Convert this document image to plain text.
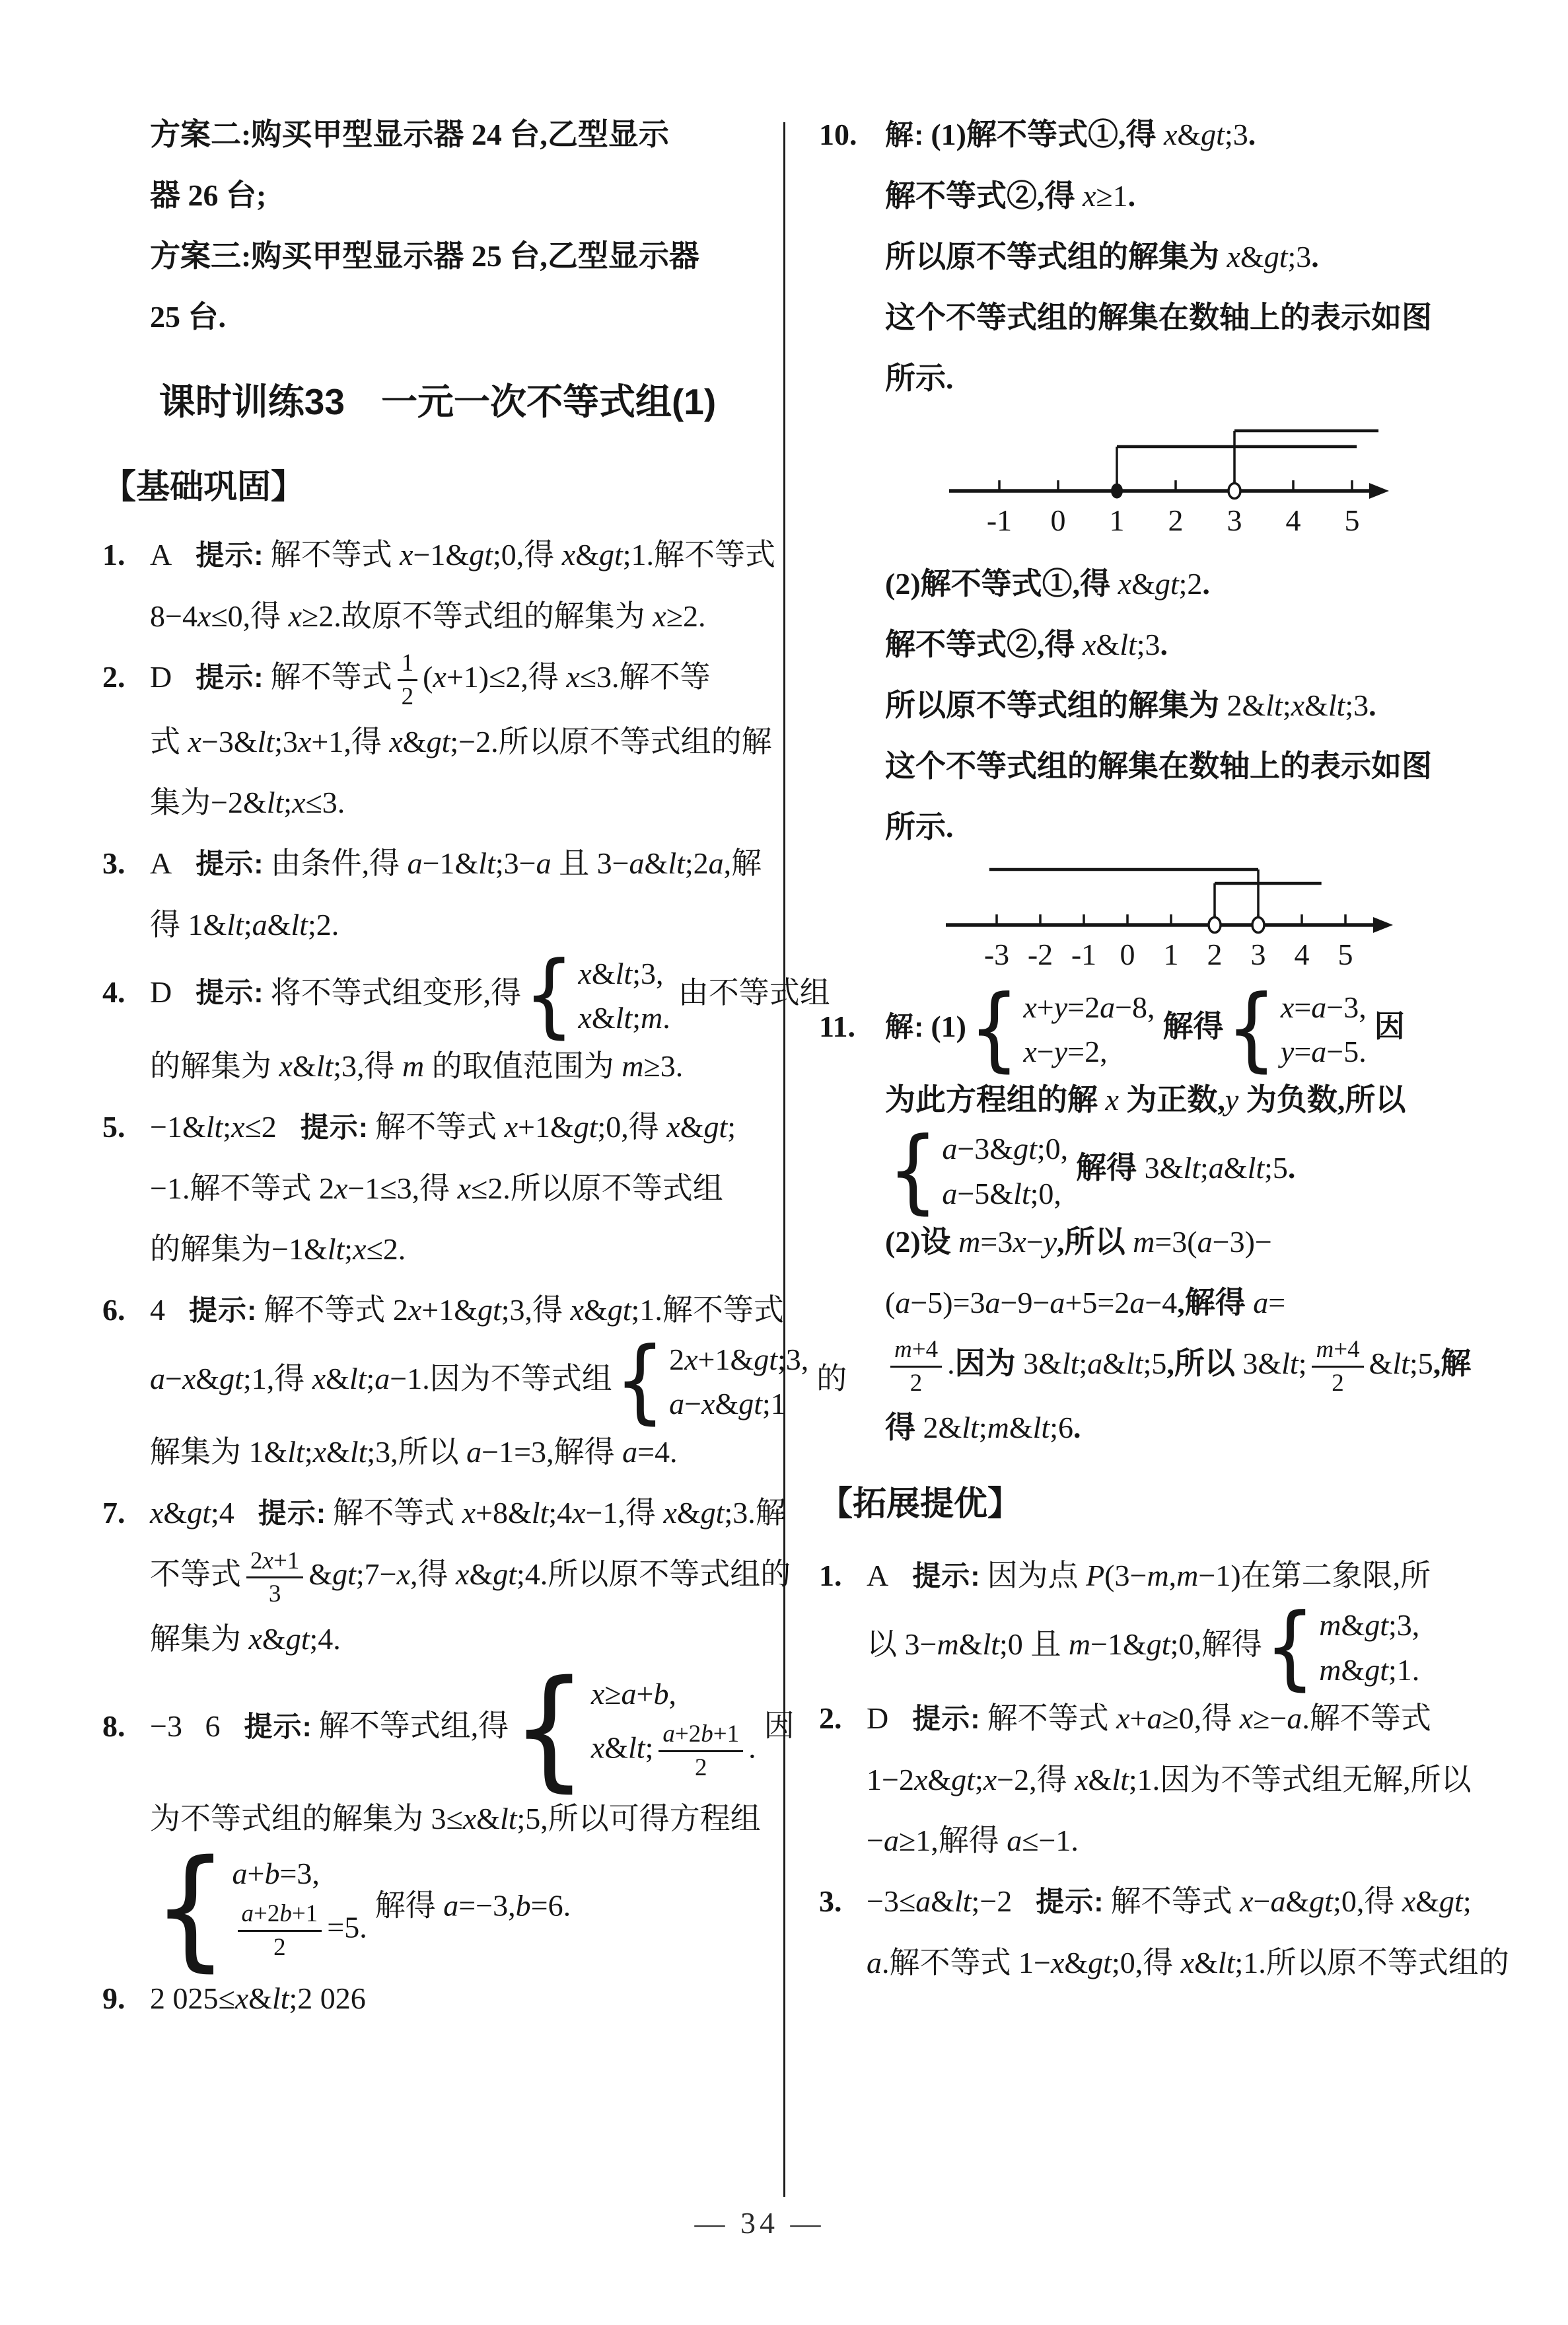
方案二:购买甲型显示器 24 台,乙型显示
器 26 台;
方案三:购买甲型显示器 25 台,乙型显示器
25 台.
课时训练33　一元一次不等式组(1)
【基础巩固】
1. A 提示: 解不等式 x−1&gt;0,得 x&gt;1.解不等式
8−4x≤0,得 x≥2.故原不等式组的解集为 x≥2.
2. D 提示: 解不等式 $\frac{1}{2} (x+1)\le 2$,得 x≤3.解不等
式 x−3&lt;3x+1,得 x&gt;−2.所以原不等式组的解
集为−2&lt;x≤3.
3. A 提示: 由条件,得 a−1&lt;3−a 且 3−a&lt;2a,解
得 1&lt;a&lt;2.
4. D 提示: 将不等式组变形,得 { x&lt;3,
x&lt;m.
由不等式组
的解集为 x&lt;3,得 m 的取值范围为 m≥3.
5. −1&lt;x≤2 提示: 解不等式 x+1&gt;0,得 x&gt;
−1.解不等式 2x−1≤3,得 x≤2.所以原不等式组
的解集为−1&lt;x≤2.
6. 4 提示: 解不等式 2x+1&gt;3,得 x&gt;1.解不等式
a−x&gt;1,得 x&lt;a−1.因为不等式组 { 2x+1&gt;3,
a−x&gt;1
的
解集为 1&lt;x&lt;3,所以 a−1=3,解得 a=4.
7. x&gt;4 提示: 解不等式 x+8&lt;4x−1,得 x&gt;3.解
不等式 $\frac{2x+1}{3}$ &gt;7−x,得 x&gt;4.所以原不等式组的
解集为 x&gt;4.
8. −3   6 提示: 解不等式组,得 { x≥a+b,
x&lt; $\frac{a+2b+1}{2}$ .
因
为不等式组的解集为 3≤x&lt;5,所以可得方程组
{ a+b=3,
$\frac{a+2b+1}{2} =5$.
解得 a=−3,b=6.
9. 2 025≤x&lt;2 026
10. 解: (1)解不等式①,得 x&gt;3.
解不等式②,得 x≥1.
所以原不等式组的解集为 x&gt;3.
这个不等式组的解集在数轴上的表示如图
所示.
-1 0 1 2 3 4 5
(2)解不等式①,得 x&gt;2.
解不等式②,得 x&lt;3.
所以原不等式组的解集为 2&lt;x&lt;3.
这个不等式组的解集在数轴上的表示如图
所示.
-3 -2 -1 0 1 2 3 4 5
11. 解: (1) { x+y=2a−8,
x−y=2,
解得 { x=a−3,
y=a−5.
因
为此方程组的解 x 为正数,y 为负数,所以
{ a−3&gt;0,
a−5&lt;0,
解得 3&lt;a&lt;5.
(2)设 m=3x−y,所以 m=3(a−3)−
(a−5)=3a−9−a+5=2a−4,解得 a=
$\frac{m+4}{2}$ .因为 3&lt;a&lt;5,所以 3&lt; $\frac{m+4}{2}$ &lt;5,解
得 2&lt;m&lt;6.
【拓展提优】
1. A 提示: 因为点 P(3−m,m−1)在第二象限,所
以 3−m&lt;0 且 m−1&gt;0,解得 { m&gt;3,
m&gt;1.
2. D 提示: 解不等式 x+a≥0,得 x≥−a.解不等式
1−2x&gt;x−2,得 x&lt;1.因为不等式组无解,所以
−a≥1,解得 a≤−1.
3. −3≤a&lt;−2 提示: 解不等式 x−a&gt;0,得 x&gt;
a.解不等式 1−x&gt;0,得 x&lt;1.所以原不等式组的
— 34 —
